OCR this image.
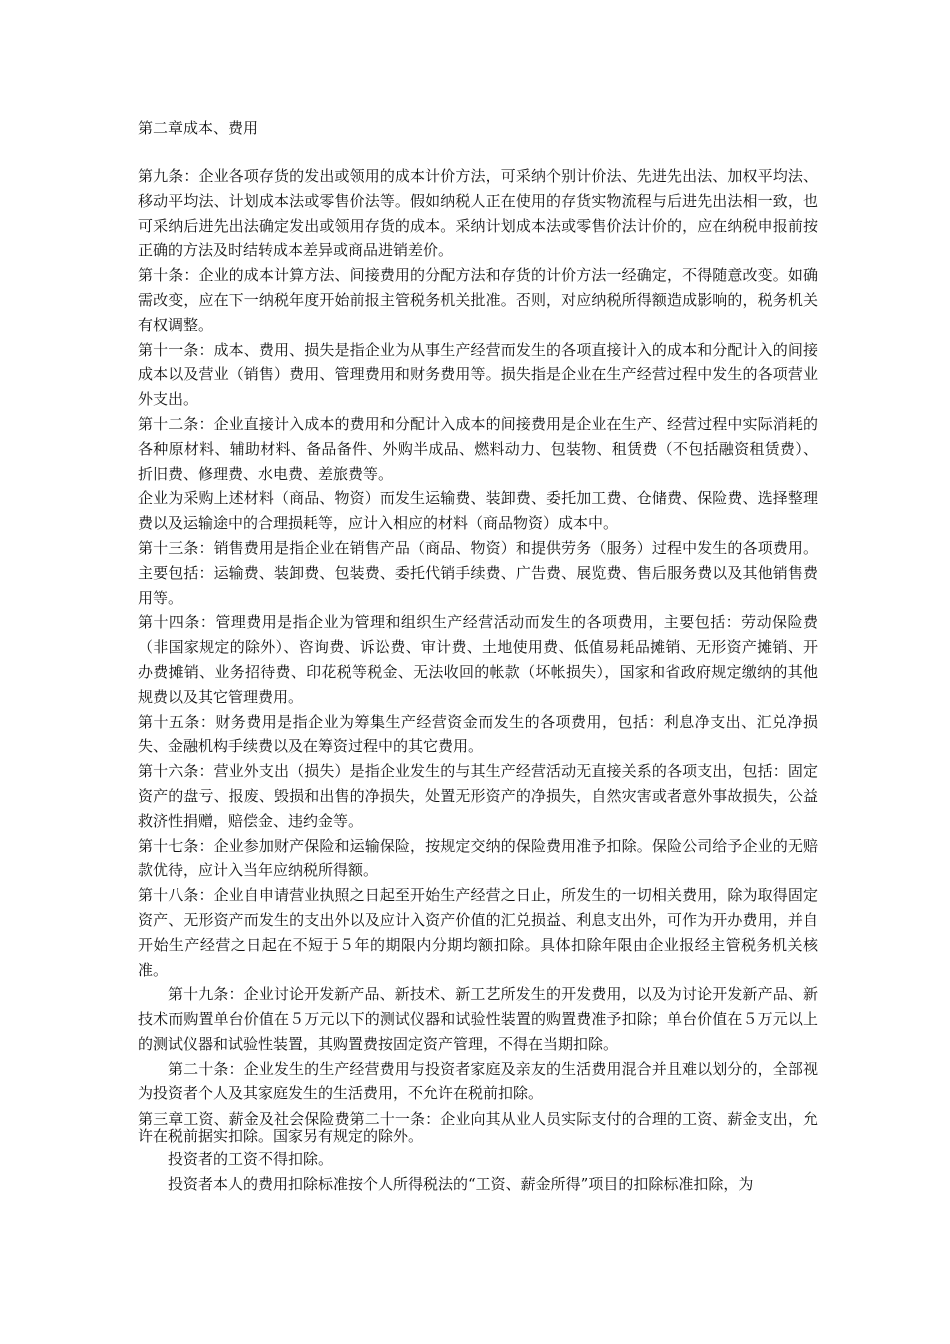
第二章成本、费用

第九条：企业各项存货的发出或领用的成本计价方法，可采纳个别计价法、先进先出法、加权平均法、移动平均法、计划成本法或零售价法等。假如纳税人正在使用的存货实物流程与后进先出法相一致，也可采纳后进先出法确定发出或领用存货的成本。采纳计划成本法或零售价法计价的，应在纳税申报前按正确的方法及时结转成本差异或商品进销差价。

第十条：企业的成本计算方法、间接费用的分配方法和存货的计价方法一经确定，不得随意改变。如确需改变，应在下一纳税年度开始前报主管税务机关批准。否则，对应纳税所得额造成影响的，税务机关有权调整。

第十一条：成本、费用、损失是指企业为从事生产经营而发生的各项直接计入的成本和分配计入的间接成本以及营业（销售）费用、管理费用和财务费用等。损失指是企业在生产经营过程中发生的各项营业外支出。

第十二条：企业直接计入成本的费用和分配计入成本的间接费用是企业在生产、经营过程中实际消耗的各种原材料、辅助材料、备品备件、外购半成品、燃料动力、包装物、租赁费（不包括融资租赁费）、折旧费、修理费、水电费、差旅费等。

企业为采购上述材料（商品、物资）而发生运输费、装卸费、委托加工费、仓储费、保险费、选择整理费以及运输途中的合理损耗等，应计入相应的材料（商品物资）成本中。

第十三条：销售费用是指企业在销售产品（商品、物资）和提供劳务（服务）过程中发生的各项费用。主要包括：运输费、装卸费、包装费、委托代销手续费、广告费、展览费、售后服务费以及其他销售费用等。

第十四条：管理费用是指企业为管理和组织生产经营活动而发生的各项费用，主要包括：劳动保险费（非国家规定的除外）、咨询费、诉讼费、审计费、土地使用费、低值易耗品摊销、无形资产摊销、开办费摊销、业务招待费、印花税等税金、无法收回的帐款（坏帐损失），国家和省政府规定缴纳的其他规费以及其它管理费用。

第十五条：财务费用是指企业为筹集生产经营资金而发生的各项费用，包括：利息净支出、汇兑净损失、金融机构手续费以及在筹资过程中的其它费用。

第十六条：营业外支出（损失）是指企业发生的与其生产经营活动无直接关系的各项支出，包括：固定资产的盘亏、报废、毁损和出售的净损失，处置无形资产的净损失，自然灾害或者意外事故损失，公益救济性捐赠，赔偿金、违约金等。

第十七条：企业参加财产保险和运输保险，按规定交纳的保险费用准予扣除。保险公司给予企业的无赔款优待，应计入当年应纳税所得额。

第十八条：企业自申请营业执照之日起至开始生产经营之日止，所发生的一切相关费用，除为取得固定资产、无形资产而发生的支出外以及应计入资产价值的汇兑损益、利息支出外，可作为开办费用，并自开始生产经营之日起在不短于５年的期限内分期均额扣除。具体扣除年限由企业报经主管税务机关核准。

第十九条：企业讨论开发新产品、新技术、新工艺所发生的开发费用，以及为讨论开发新产品、新技术而购置单台价值在５万元以下的测试仪器和试验性装置的购置费准予扣除；单台价值在５万元以上的测试仪器和试验性装置，其购置费按固定资产管理，不得在当期扣除。

第二十条：企业发生的生产经营费用与投资者家庭及亲友的生活费用混合并且难以划分的，全部视为投资者个人及其家庭发生的生活费用，不允许在税前扣除。

第三章工资、薪金及社会保险费第二十一条：企业向其从业人员实际支付的合理的工资、薪金支出，允许在税前据实扣除。国家另有规定的除外。

投资者的工资不得扣除。

投资者本人的费用扣除标准按个人所得税法的“工资、薪金所得”项目的扣除标准扣除，为
